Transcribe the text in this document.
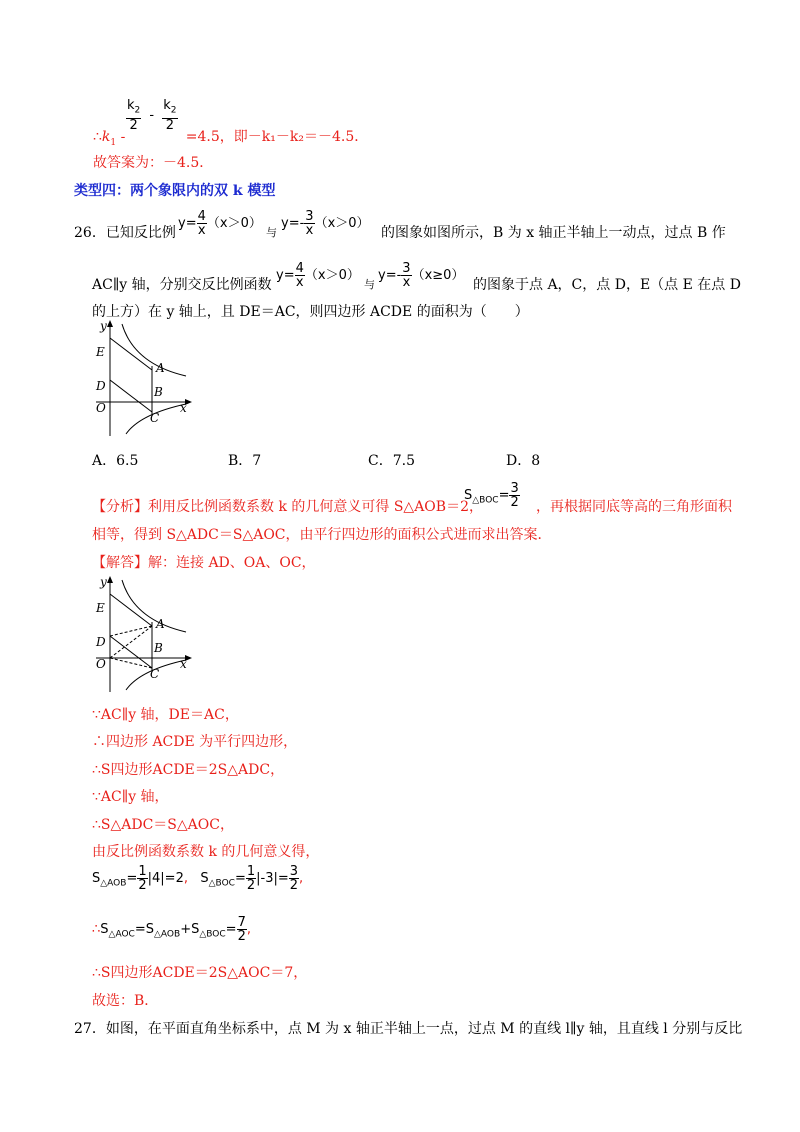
$\frac{k_2}{2} - \frac{k_2}{2}$
$\therefore k_1$ -	=4.5，即－k₁－k₂＝－4.5．
故答案为：－4.5．
类型四：两个象限内的双 k 模型
26．已知反比例
$y= \frac{4}{x} (x>0)$
与
$y=- \frac{3}{x} (x>0)$
的图象如图所示，B 为 x 轴正半轴上一动点，过点 B 作
AC∥y 轴，分别交反比例函数
$y= \frac{4}{x} (x>0)$
与
$y=- \frac{3}{x} (x\ge 0)$
的图象于点 A，C，点 D，E（点 E 在点 D
的上方）在 y 轴上，且 DE＝AC，则四边形 ACDE 的面积为（　　）
y
E
A
D	B
O
C
x
A．6.5	B．7	C．7.5	D．8
【分析】利用反比例函数系数 k 的几何意义可得 S△AOB＝2，
$S_{\triangle BOC}= \frac{3}{2}$ ，再根据同底等高的三角形面积
相等，得到 S△ADC＝S△AOC，由平行四边形的面积公式进而求出答案．
【解答】解：连接 AD、OA、OC，
y
E
A
D	B
O
C
x
∵AC∥y 轴，DE＝AC，
∴四边形 ACDE 为平行四边形，
∴S四边形ACDE＝2S△ADC，
∵AC∥y 轴，
∴S△ADC＝S△AOC，
由反比例函数系数 k 的几何意义得，
$S_{\triangle AOB}= \frac{1}{2} |4|=2$,   $S_{\triangle BOC}= \frac{1}{2} |-3|= \frac{3}{2}$ ,
$\therefore S_{\triangle AOC}=S_{\triangle AOB}+S_{\triangle BOC}= \frac{7}{2}$ ,
∴S四边形ACDE＝2S△AOC＝7，
故选：B．
27．如图，在平面直角坐标系中，点 M 为 x 轴正半轴上一点，过点 M 的直线 l∥y 轴，且直线 l 分别与反比
